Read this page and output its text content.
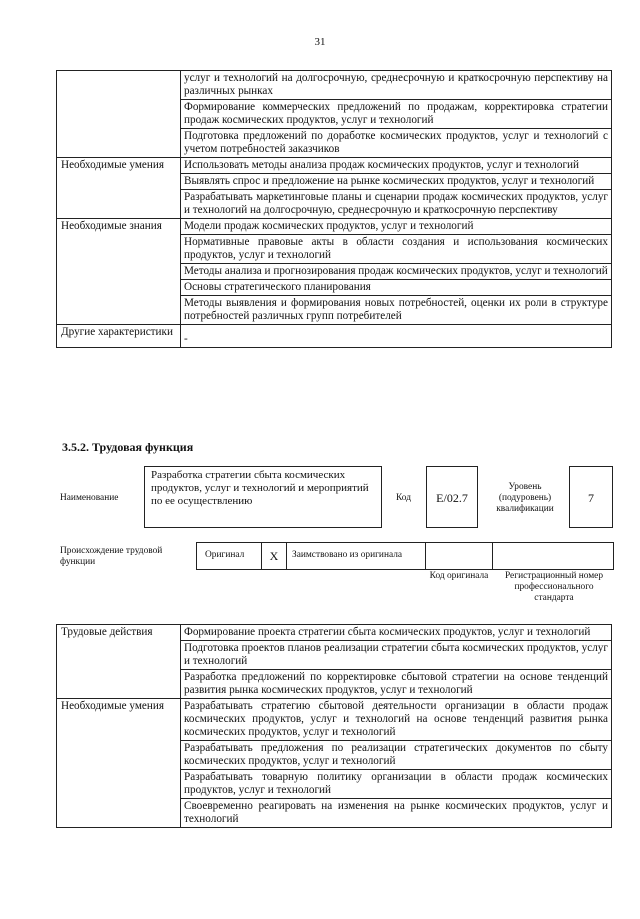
31
	услуг и технологий на долгосрочную, среднесрочную и краткосрочную перспективу на различных рынках
	Формирование коммерческих предложений по продажам, корректировка стратегии продаж космических продуктов, услуг и технологий
	Подготовка предложений по доработке космических продуктов, услуг и технологий с учетом потребностей заказчиков
Необходимые умения	Использовать методы анализа продаж космических продуктов, услуг и технологий
	Выявлять спрос и предложение на рынке космических продуктов, услуг и технологий
	Разрабатывать маркетинговые планы и сценарии продаж космических продуктов, услуг и технологий на долгосрочную, среднесрочную и краткосрочную перспективу
Необходимые знания	Модели продаж космических продуктов, услуг и технологий
	Нормативные правовые акты в области создания и использования космических продуктов, услуг и технологий
	Методы анализа и прогнозирования продаж космических продуктов, услуг и технологий
	Основы стратегического планирования
	Методы выявления и формирования новых потребностей, оценки их роли в структуре потребностей различных групп потребителей
Другие характеристики	-
3.5.2. Трудовая функция
Наименование
Разработка стратегии сбыта космических продуктов, услуг и технологий и мероприятий по ее осуществлению	Код	E/02.7
Уровень (подуровень) квалификации
7
Происхождение трудовой функции
Оригинал	X	Заимствовано из оригинала
Код оригинала	Регистрационный номер профессионального стандарта
Трудовые действия	Формирование проекта стратегии сбыта космических продуктов, услуг и технологий
	Подготовка проектов планов реализации стратегии сбыта космических продуктов, услуг и технологий
	Разработка предложений по корректировке сбытовой стратегии на основе тенденций развития рынка космических продуктов, услуг и технологий
Необходимые умения	Разрабатывать стратегию сбытовой деятельности организации в области продаж космических продуктов, услуг и технологий на основе тенденций развития рынка космических продуктов, услуг и технологий
	Разрабатывать предложения по реализации стратегических документов по сбыту космических продуктов, услуг и технологий
	Разрабатывать товарную политику организации в области продаж космических продуктов, услуг и технологий
	Своевременно реагировать на изменения на рынке космических продуктов, услуг и технологий
